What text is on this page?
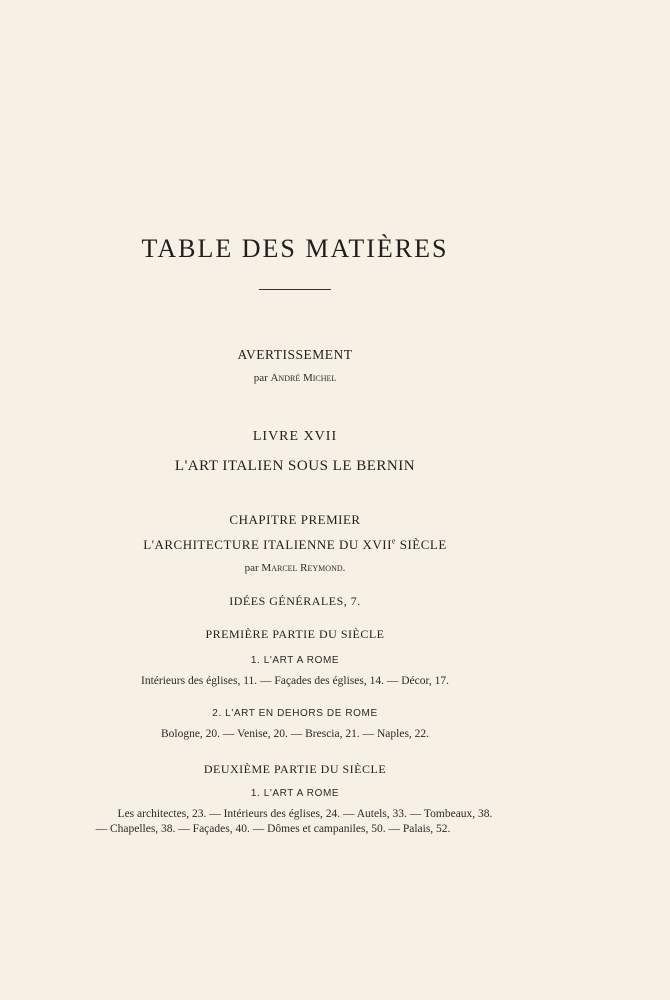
TABLE DES MATIÈRES
AVERTISSEMENT
par André Michel
LIVRE XVII
L'ART ITALIEN SOUS LE BERNIN
CHAPITRE PREMIER
L'ARCHITECTURE ITALIENNE DU XVIIe SIÈCLE
par Marcel Reymond.
IDÉES GÉNÉRALES, 7.
PREMIÈRE PARTIE DU SIÈCLE
1. L'ART A ROME
Intérieurs des églises, 11. — Façades des églises, 14. — Décor, 17.
2. L'ART EN DEHORS DE ROME
Bologne, 20. — Venise, 20. — Brescia, 21. — Naples, 22.
DEUXIÈME PARTIE DU SIÈCLE
1. L'ART A ROME
Les architectes, 23. — Intérieurs des églises, 24. — Autels, 33. — Tombeaux, 38.
— Chapelles, 38. — Façades, 40. — Dômes et campaniles, 50. — Palais, 52.
